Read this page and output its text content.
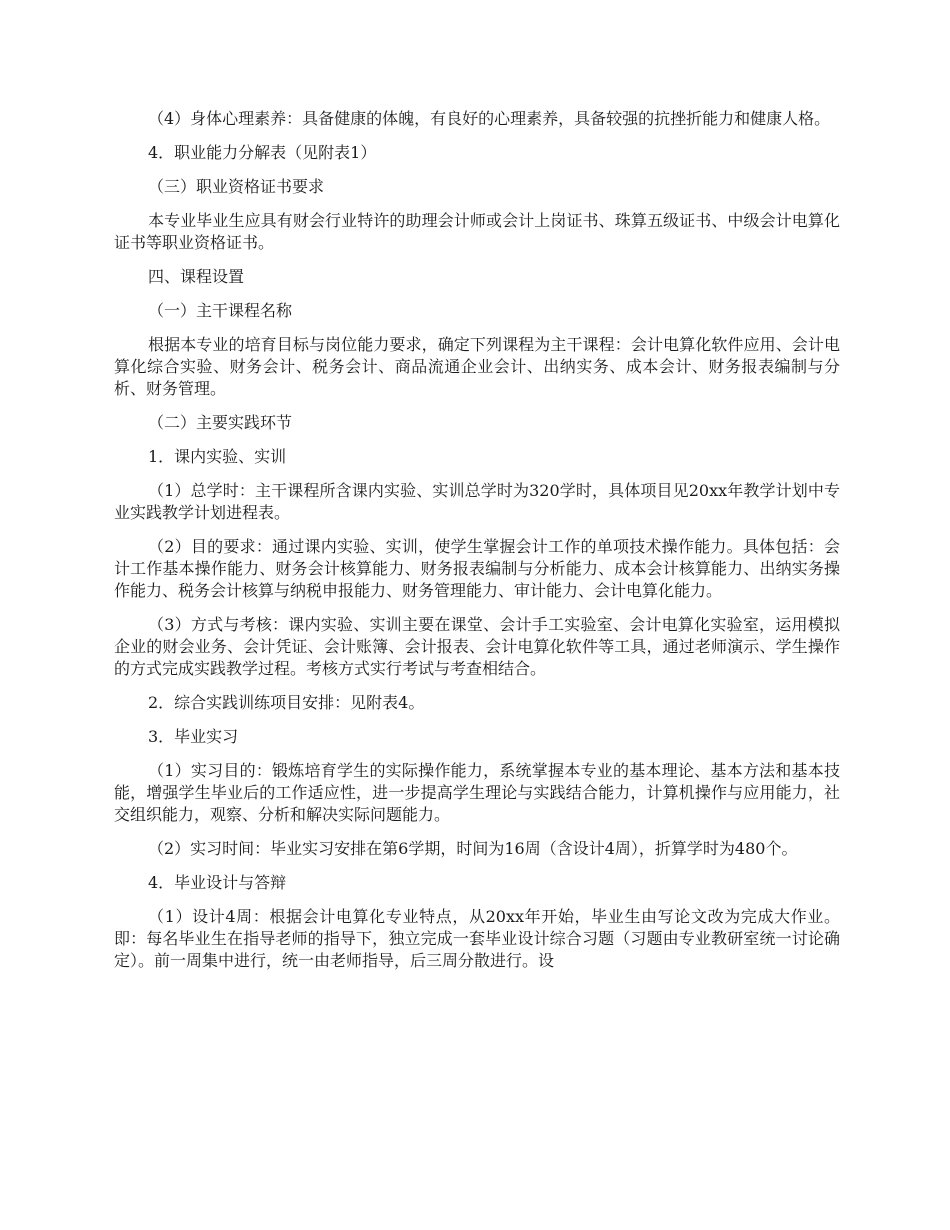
（4）身体心理素养：具备健康的体魄，有良好的心理素养，具备较强的抗挫折能力和健康人格。

4．职业能力分解表（见附表1）

（三）职业资格证书要求

本专业毕业生应具有财会行业特许的助理会计师或会计上岗证书、珠算五级证书、中级会计电算化证书等职业资格证书。

四、课程设置

（一）主干课程名称

根据本专业的培育目标与岗位能力要求，确定下列课程为主干课程：会计电算化软件应用、会计电算化综合实验、财务会计、税务会计、商品流通企业会计、出纳实务、成本会计、财务报表编制与分析、财务管理。

（二）主要实践环节

1．课内实验、实训

（1）总学时：主干课程所含课内实验、实训总学时为320学时，具体项目见20xx年教学计划中专业实践教学计划进程表。

（2）目的要求：通过课内实验、实训，使学生掌握会计工作的单项技术操作能力。具体包括：会计工作基本操作能力、财务会计核算能力、财务报表编制与分析能力、成本会计核算能力、出纳实务操作能力、税务会计核算与纳税申报能力、财务管理能力、审计能力、会计电算化能力。

（3）方式与考核：课内实验、实训主要在课堂、会计手工实验室、会计电算化实验室，运用模拟企业的财会业务、会计凭证、会计账簿、会计报表、会计电算化软件等工具，通过老师演示、学生操作的方式完成实践教学过程。考核方式实行考试与考查相结合。

2．综合实践训练项目安排：见附表4。

3．毕业实习

（1）实习目的：锻炼培育学生的实际操作能力，系统掌握本专业的基本理论、基本方法和基本技能，增强学生毕业后的工作适应性，进一步提高学生理论与实践结合能力，计算机操作与应用能力，社交组织能力，观察、分析和解决实际问题能力。

（2）实习时间：毕业实习安排在第6学期，时间为16周（含设计4周），折算学时为480个。

4．毕业设计与答辩

（1）设计4周：根据会计电算化专业特点，从20xx年开始，毕业生由写论文改为完成大作业。即：每名毕业生在指导老师的指导下，独立完成一套毕业设计综合习题（习题由专业教研室统一讨论确定）。前一周集中进行，统一由老师指导，后三周分散进行。设
